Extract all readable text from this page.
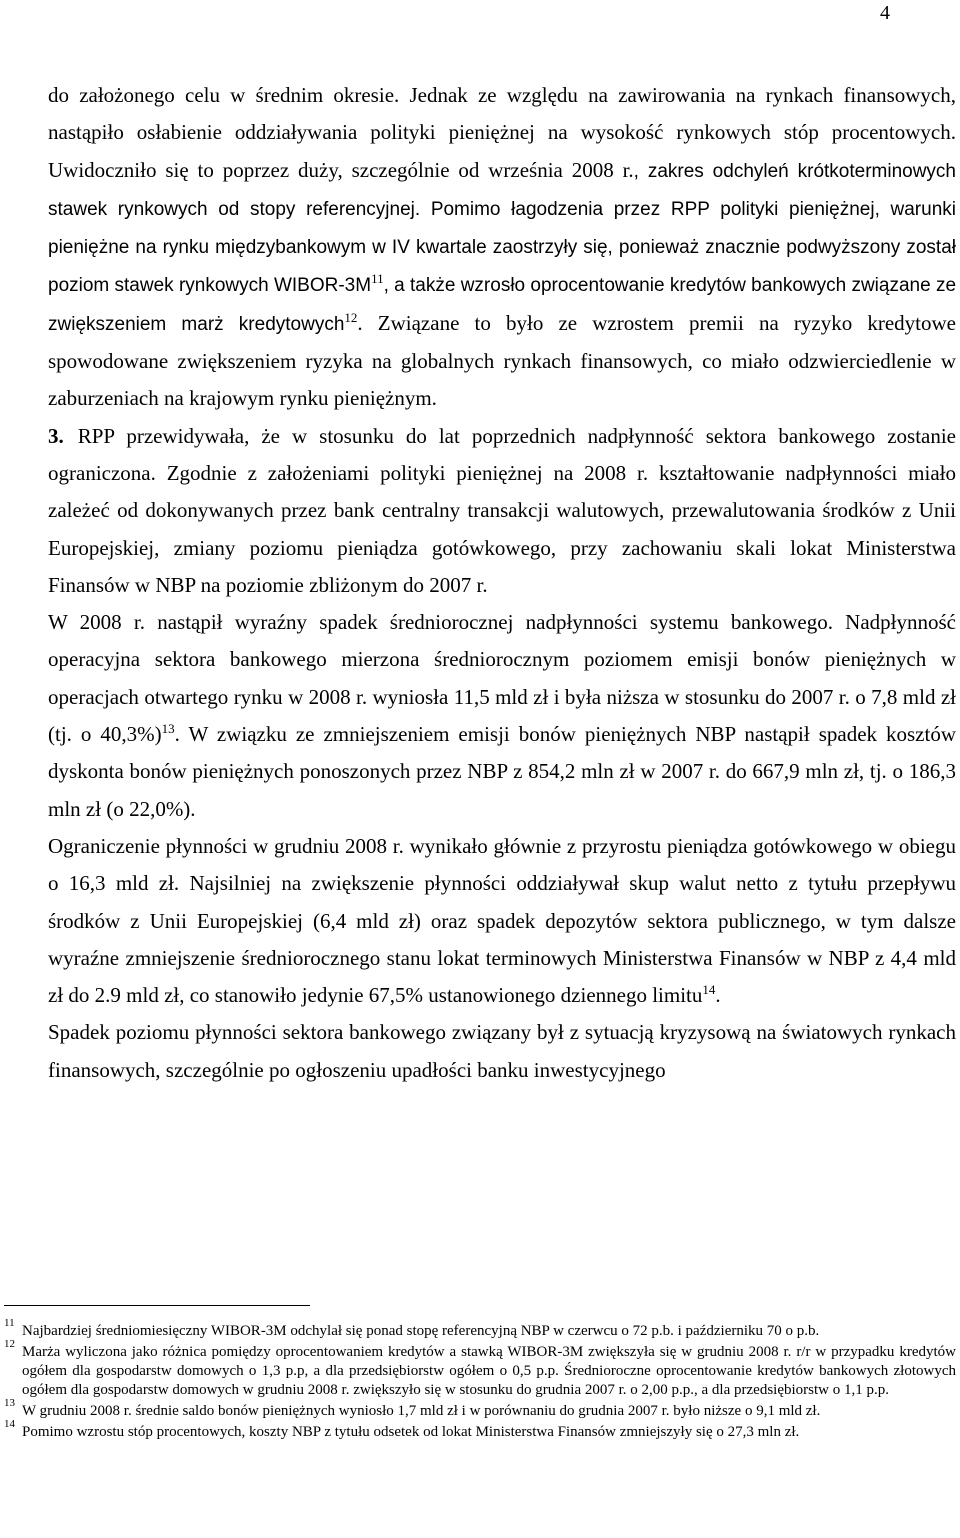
4

do założonego celu w średnim okresie. Jednak ze względu na zawirowania na rynkach finansowych, nastąpiło osłabienie oddziaływania polityki pieniężnej na wysokość rynkowych stóp procentowych. Uwidoczniło się to poprzez duży, szczególnie od września 2008 r., zakres odchyleń krótkoterminowych stawek rynkowych od stopy referencyjnej. Pomimo łagodzenia przez RPP polityki pieniężnej, warunki pieniężne na rynku międzybankowym w IV kwartale zaostrzyły się, ponieważ znacznie podwyższony został poziom stawek rynkowych WIBOR-$3M^{11}$, a także wzrosło oprocentowanie kredytów bankowych związane ze zwiększeniem marż kredytowych$^{12}$. Związane to było ze wzrostem premii na ryzyko kredytowe spowodowane zwiększeniem ryzyka na globalnych rynkach finansowych, co miało odzwierciedlenie w zaburzeniach na krajowym rynku pieniężnym.

3. RPP przewidywała, że w stosunku do lat poprzednich nadpłynność sektora bankowego zostanie ograniczona. Zgodnie z założeniami polityki pieniężnej na 2008 r. kształtowanie nadpłynności miało zależeć od dokonywanych przez bank centralny transakcji walutowych, przewalutowania środków z Unii Europejskiej, zmiany poziomu pieniądza gotówkowego, przy zachowaniu skali lokat Ministerstwa Finansów w NBP na poziomie zbliżonym do 2007 r.

W 2008 r. nastąpił wyraźny spadek średniorocznej nadpłynności systemu bankowego. Nadpłynność operacyjna sektora bankowego mierzona średniorocznym poziomem emisji bonów pieniężnych w operacjach otwartego rynku w 2008 r. wyniosła 11,5 mld zł i była niższa w stosunku do 2007 r. o 7,8 mld zł (tj. o 40,3%)$^{13}$. W związku ze zmniejszeniem emisji bonów pieniężnych NBP nastąpił spadek kosztów dyskonta bonów pieniężnych ponoszonych przez NBP z 854,2 mln zł w 2007 r. do 667,9 mln zł, tj. o 186,3 mln zł (o 22,0%).

Ograniczenie płynności w grudniu 2008 r. wynikało głównie z przyrostu pieniądza gotówkowego w obiegu o 16,3 mld zł. Najsilniej na zwiększenie płynności oddziaływał skup walut netto z tytułu przepływu środków z Unii Europejskiej (6,4 mld zł) oraz spadek depozytów sektora publicznego, w tym dalsze wyraźne zmniejszenie średniorocznego stanu lokat terminowych Ministerstwa Finansów w NBP z 4,4 mld zł do 2.9 mld zł, co stanowiło jedynie 67,5% ustanowionego dziennego limitu$^{14}$.

Spadek poziomu płynności sektora bankowego związany był z sytuacją kryzysową na światowych rynkach finansowych, szczególnie po ogłoszeniu upadłości banku inwestycyjnego

11 Najbardziej średniomiesięczny WIBOR-3M odchylał się ponad stopę referencyjną NBP w czerwcu o 72 p.b. i październiku 70 o p.b.

12 Marża wyliczona jako różnica pomiędzy oprocentowaniem kredytów a stawką WIBOR-3M zwiększyła się w grudniu 2008 r. r/r w przypadku kredytów ogółem dla gospodarstw domowych o 1,3 p.p, a dla przedsiębiorstw ogółem o 0,5 p.p. Średnioroczne oprocentowanie kredytów bankowych złotowych ogółem dla gospodarstw domowych w grudniu 2008 r. zwiększyło się w stosunku do grudnia 2007 r. o 2,00 p.p., a dla przedsiębiorstw o 1,1 p.p.

13 W grudniu 2008 r. średnie saldo bonów pieniężnych wyniosło 1,7 mld zł i w porównaniu do grudnia 2007 r. było niższe o 9,1 mld zł.

14 Pomimo wzrostu stóp procentowych, koszty NBP z tytułu odsetek od lokat Ministerstwa Finansów zmniejszyły się o 27,3 mln zł.
